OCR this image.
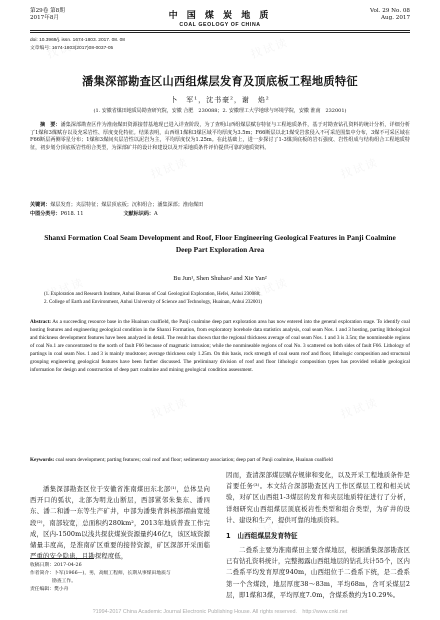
第29卷 第8期
2017年8月	中 国 煤 炭 地 质
COAL GEOLOGY OF CHINA
Vol. 29 No. 08
Aug. 2017
doi: 10.3969/j. issn. 1674-1803. 2017. 08. 08
文章编号: 1674-1803(2017)08-0037-05
潘集深部勘查区山西组煤层发育及顶底板工程地质特征
卜　军¹，沈书豪²，谢　焰²
(1. 安徽省煤田地质局勘查研究院，安徽 合肥　230088；2. 安徽理工大学地球与环境学院，安徽 淮南　232001)
摘　要：潘集深部勘查区作为淮南煤田资源接替基地现已进入详查阶段，为了查明山西组煤层赋存特征与工程地质条件，基于对勘查钻孔资料的统计分析，详细分析了1煤和3煤赋存以及充采岩性、厚度变化特征。结果表明，山西组1煤和3煤区域平均厚度为3.5m；F66断层以北1煤受岩浆侵入不可采范围集中分布，3煤不可采区域在F66断层两侧零星分布；1煤和3煤间夹层岩性以泥岩为主，平均厚度仅为1.25m。在此基础上，进一步探讨了1-3煤顶底板的岩石强度、岩性组成与结构组合工程地质特征，初步划分顶底板岩性组合类型，为深部矿井的设计和建设以及开采地质条件评价提供可靠的地质资料。
关键词：煤层发育；夹层特征；煤层顶底板；沉积组合；潘集深部；淮南煤田
中图分类号：P618. 11	文献标识码：A
Shanxi Formation Coal Seam Development and Roof, Floor Engineering Geological Features in Panji Coalmine Deep Part Exploration Area
Bu Jun¹, Shen Shuhao² and Xie Yan²
(1. Exploration and Research Institute, Anhui Bureau of Coal Geological Exploration, Hefei, Anhui 230088;
2. College of Earth and Environment, Anhui University of Science and Technology, Huainan, Anhui 232001)
Abstract: As a succeeding resource base in the Huainan coalfield, the Panji coalmine deep part exploration area has now entered into the general exploration stage. To identify coal hosting features and engineering geological condition in the Shanxi Formation, from exploratory borehole data statistics analysis, coal seam Nos. 1 and 3 hosting, parting lithological and thickness development features have been analyzed in detail. The result has shown that the regional thickness average of coal seam Nos. 1 and 3 is 3.5m; the nonmineable regions of coal No.1 are concentrated to the north of fault F66 because of magmatic intrusion; while the nonmineable regions of coal No. 3 scattered on both sides of fault F66. Lithology of partings in coal seam Nos. 1 and 3 is mainly mudstone; average thickness only 1.25m. On this basis, rock strength of coal seam roof and floor, lithologic composition and structural grouping engineering geological features have been further discussed. The preliminary division of roof and floor lithologic composition types has provided reliable geological information for design and construction of deep part coalmine and mining geological condition assessment.
Keywords: coal seam development; parting features; coal roof and floor; sedimentary association; deep part of Panji coalmine, Huainan coalfield
潘集深部勘查区位于安徽省淮南煤田东北部⁽¹⁾，总体呈向西开口的弧状，北部为明龙山断层，西部紧邻朱集东、潘四东、潘二和潘一东等生产矿井，中部为潘集背斜核部褶曲宽缓段⁽²⁾，南部较宽，总面积约280km²，2013年地质普查工作完成，区内-1500m以浅共探获煤炭资源量约46亿t，该区域资源储量丰度高，是淮南矿区重要的接替资源，矿区深部开采面临严重的安全隐患，且勘探程度低，
因而，查清深部煤层赋存规律和变化，以及开采工程地质条件是首要任务⁽³⁾。本文结合深部勘查区内工作区煤层工程和相关试验，对矿区山西组1-3煤层的发育和夹层地质特征进行了分析，详细研究山西组煤层顶底板岩性类型和组合类型，为矿井的设计、建设和生产，提供可靠的地质资料。
1　山西组煤层发育特征
二叠系主要为淮南煤田主要含煤地层，根据潘集深部勘查区已有钻孔资料统计，完整揭露山西组地层的钻孔共计55个，区内二叠系平均发育厚度940m，山西组位于二叠系下统，是二叠系第一个含煤段，地层厚度38～83m，平均68m，含可采煤层2层，即1煤和3煤，平均厚度7.0m，含煤系数约为10.29%。
收稿日期：2017-04-26
作者简介：卜军(1966—)，男，高级工程师，长期从事煤田地质与
勘查工作。
责任编辑：樊小舟
?1994-2017 China Academic Journal Electronic Publishing House. All rights reserved.　http://www.cnki.net
